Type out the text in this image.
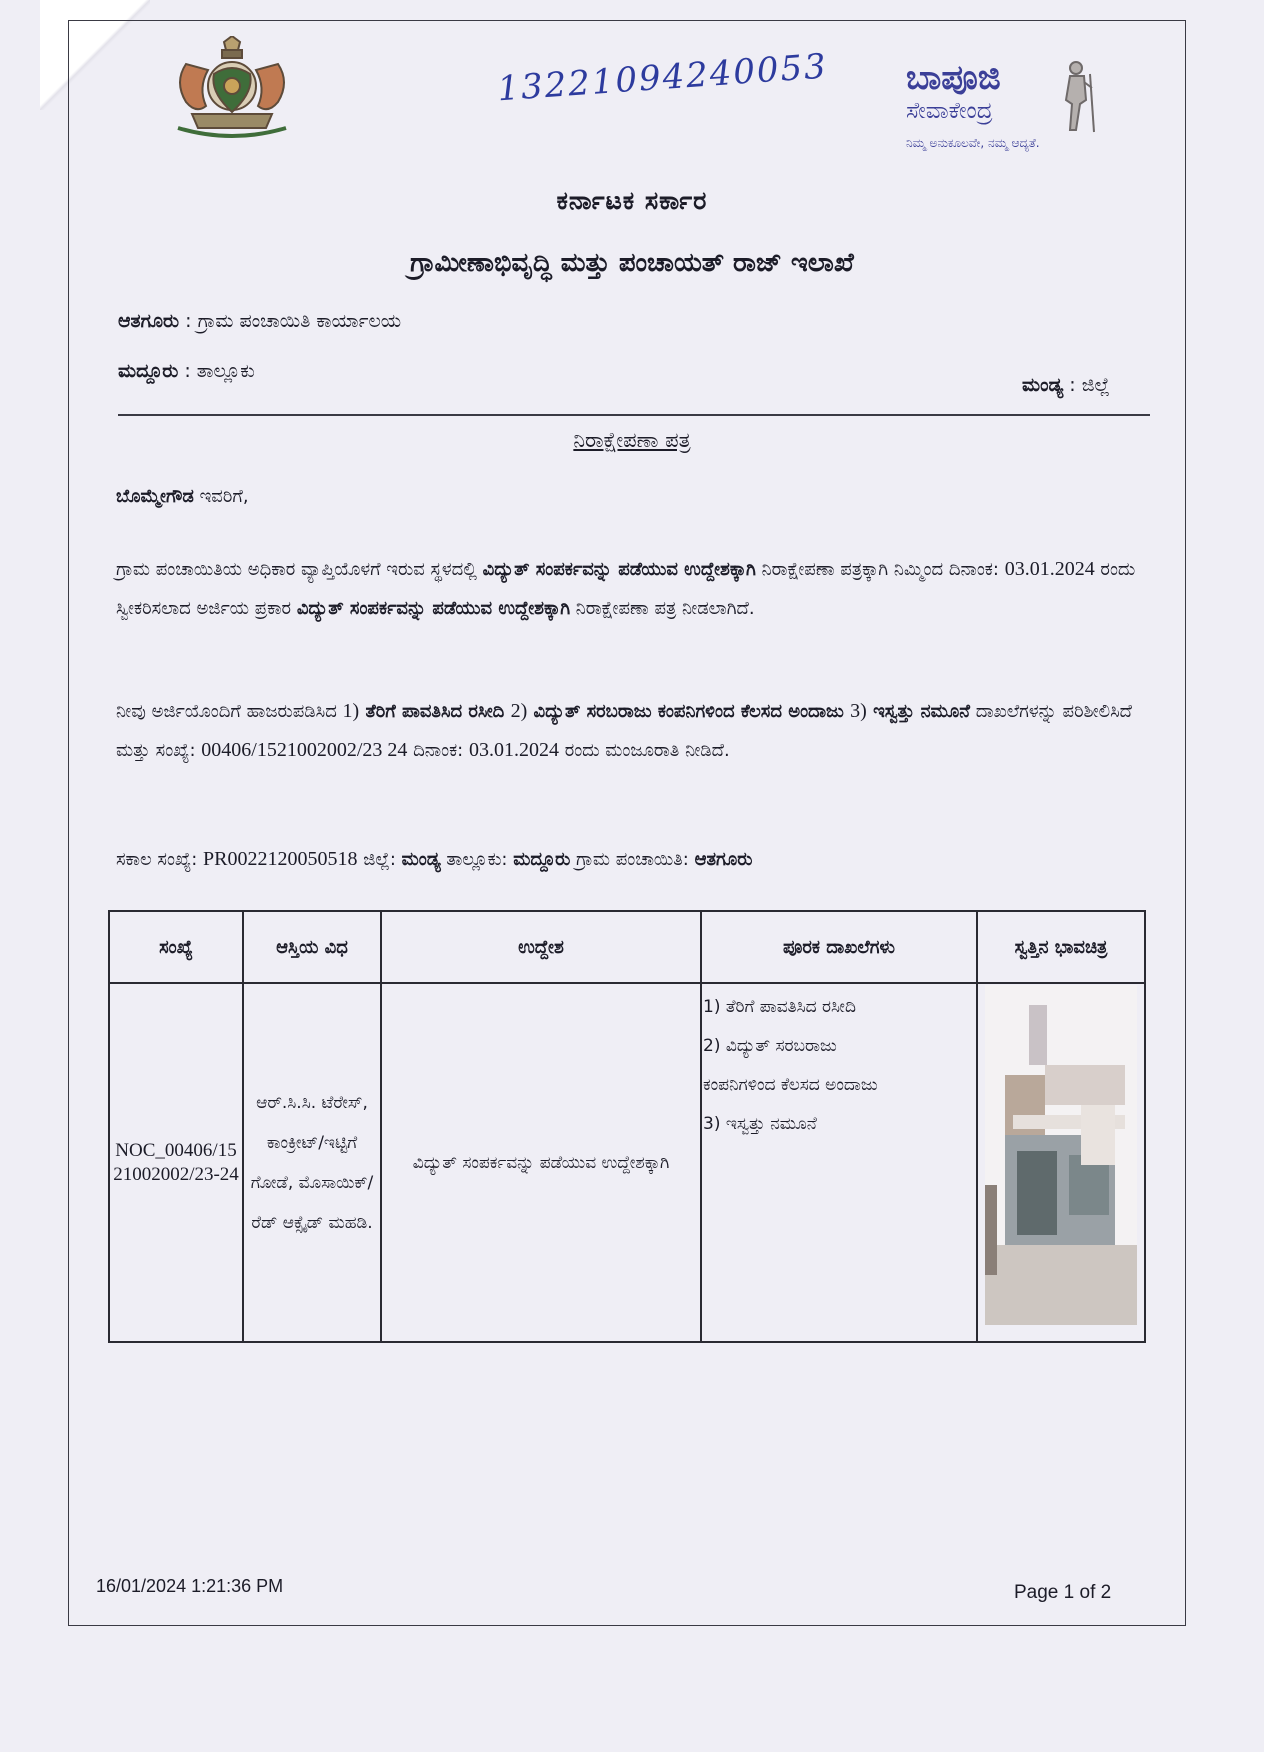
13221094240053 ಬಾಪೂಜಿ
ಸೇವಾಕೇಂದ್ರ
ನಿಮ್ಮ ಅನುಕೂಲವೇ, ನಮ್ಮ ಆದ್ಯತೆ.
ಕರ್ನಾಟಕ ಸರ್ಕಾರ
ಗ್ರಾಮೀಣಾಭಿವೃದ್ಧಿ ಮತ್ತು ಪಂಚಾಯತ್ ರಾಜ್ ಇಲಾಖೆ
ಆತಗೂರು : ಗ್ರಾಮ ಪಂಚಾಯಿತಿ ಕಾರ್ಯಾಲಯ
ಮದ್ದೂರು : ತಾಲ್ಲೂಕು
ಮಂಡ್ಯ : ಜಿಲ್ಲೆ
ನಿರಾಕ್ಷೇಪಣಾ ಪತ್ರ
ಬೊಮ್ಮೇಗೌಡ ಇವರಿಗೆ,
ಗ್ರಾಮ ಪಂಚಾಯಿತಿಯ ಅಧಿಕಾರ ವ್ಯಾಪ್ತಿಯೊಳಗೆ ಇರುವ ಸ್ಥಳದಲ್ಲಿ ವಿದ್ಯುತ್ ಸಂಪರ್ಕವನ್ನು ಪಡೆಯುವ ಉದ್ದೇಶಕ್ಕಾಗಿ ನಿರಾಕ್ಷೇಪಣಾ ಪತ್ರಕ್ಕಾಗಿ ನಿಮ್ಮಿಂದ ದಿನಾಂಕ: 03.01.2024 ರಂದು ಸ್ವೀಕರಿಸಲಾದ ಅರ್ಜಿಯ ಪ್ರಕಾರ ವಿದ್ಯುತ್ ಸಂಪರ್ಕವನ್ನು ಪಡೆಯುವ ಉದ್ದೇಶಕ್ಕಾಗಿ ನಿರಾಕ್ಷೇಪಣಾ ಪತ್ರ ನೀಡಲಾಗಿದೆ.
ನೀವು ಅರ್ಜಿಯೊಂದಿಗೆ ಹಾಜರುಪಡಿಸಿದ 1) ತೆರಿಗೆ ಪಾವತಿಸಿದ ರಸೀದಿ 2) ವಿದ್ಯುತ್ ಸರಬರಾಜು ಕಂಪನಿಗಳಿಂದ ಕೆಲಸದ ಅಂದಾಜು 3) ಇಸ್ವತ್ತು ನಮೂನೆ ದಾಖಲೆಗಳನ್ನು ಪರಿಶೀಲಿಸಿದೆ ಮತ್ತು ಸಂಖ್ಯೆ: 00406/1521002002/23 24 ದಿನಾಂಕ: 03.01.2024 ರಂದು ಮಂಜೂರಾತಿ ನೀಡಿದೆ.
ಸಕಾಲ ಸಂಖ್ಯೆ: PR0022120050518 ಜಿಲ್ಲೆ: ಮಂಡ್ಯ ತಾಲ್ಲೂಕು: ಮದ್ದೂರು ಗ್ರಾಮ ಪಂಚಾಯಿತಿ: ಆತಗೂರು
ಸಂಖ್ಯೆ	ಆಸ್ತಿಯ ವಿಧ	ಉದ್ದೇಶ	ಪೂರಕ ದಾಖಲೆಗಳು	ಸ್ವತ್ತಿನ ಭಾವಚಿತ್ರ
NOC_00406/1521002002/23-24	ಆರ್.ಸಿ.ಸಿ. ಟೆರೇಸ್, ಕಾಂಕ್ರೀಟ್/ಇಟ್ಟಿಗೆ ಗೋಡೆ, ಮೊಸಾಯಿಕ್/ರೆಡ್ ಆಕ್ಸೈಡ್ ಮಹಡಿ.	ವಿದ್ಯುತ್ ಸಂಪರ್ಕವನ್ನು ಪಡೆಯುವ ಉದ್ದೇಶಕ್ಕಾಗಿ	1) ತೆರಿಗೆ ಪಾವತಿಸಿದ ರಸೀದಿ
2) ವಿದ್ಯುತ್ ಸರಬರಾಜು
ಕಂಪನಿಗಳಿಂದ ಕೆಲಸದ ಅಂದಾಜು
3) ಇಸ್ವತ್ತು ನಮೂನೆ

16/01/2024 1:21:36 PM	Page 1 of 2
